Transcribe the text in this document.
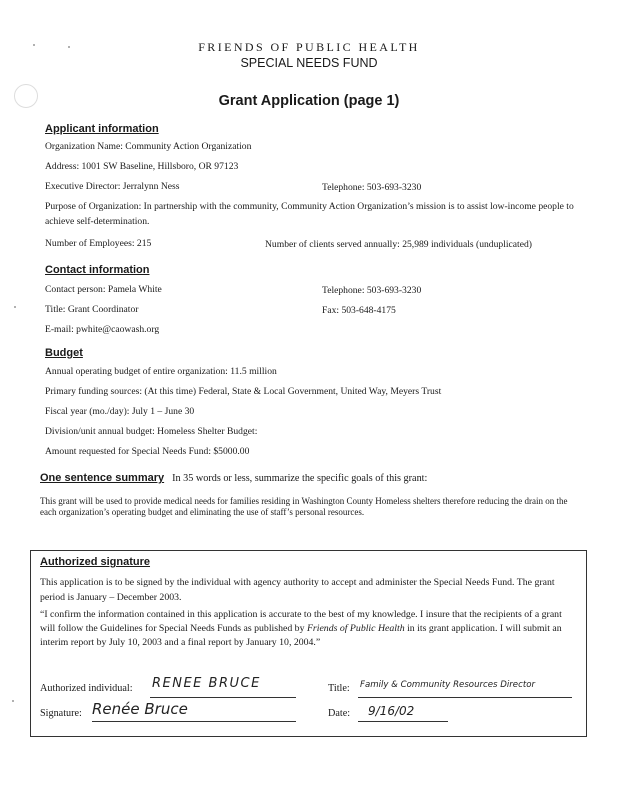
FRIENDS OF PUBLIC HEALTH
SPECIAL NEEDS FUND
Grant Application (page 1)
Applicant information
Organization Name: Community Action Organization
Address: 1001 SW Baseline, Hillsboro, OR 97123
Executive Director: Jerralynn Ness	Telephone: 503-693-3230
Purpose of Organization: In partnership with the community, Community Action Organization’s mission is to assist low-income people to achieve self-determination.
Number of Employees: 215	Number of clients served annually: 25,989 individuals (unduplicated)
Contact information
Contact person: Pamela White	Telephone: 503-693-3230
Title: Grant Coordinator	Fax: 503-648-4175
E-mail: pwhite@caowash.org
Budget
Annual operating budget of entire organization: 11.5 million
Primary funding sources: (At this time) Federal, State & Local Government, United Way, Meyers Trust
Fiscal year (mo./day): July 1 – June 30
Division/unit annual budget: Homeless Shelter Budget:
Amount requested for Special Needs Fund: $5000.00
One sentence summary In 35 words or less, summarize the specific goals of this grant:
This grant will be used to provide medical needs for families residing in Washington County Homeless shelters therefore reducing the drain on the each organization’s operating budget and eliminating the use of staff’s personal resources.
Authorized signature
This application is to be signed by the individual with agency authority to accept and administer the Special Needs Fund. The grant period is January – December 2003.
“I confirm the information contained in this application is accurate to the best of my knowledge. I insure that the recipients of a grant will follow the Guidelines for Special Needs Funds as published by Friends of Public Health in its grant application. I will submit an interim report by July 10, 2003 and a final report by January 10, 2004.”
Authorized individual: RENEE BRUCE	Title: Family & Community Resources Director
Signature: Renée Bruce	Date: 9/16/02
